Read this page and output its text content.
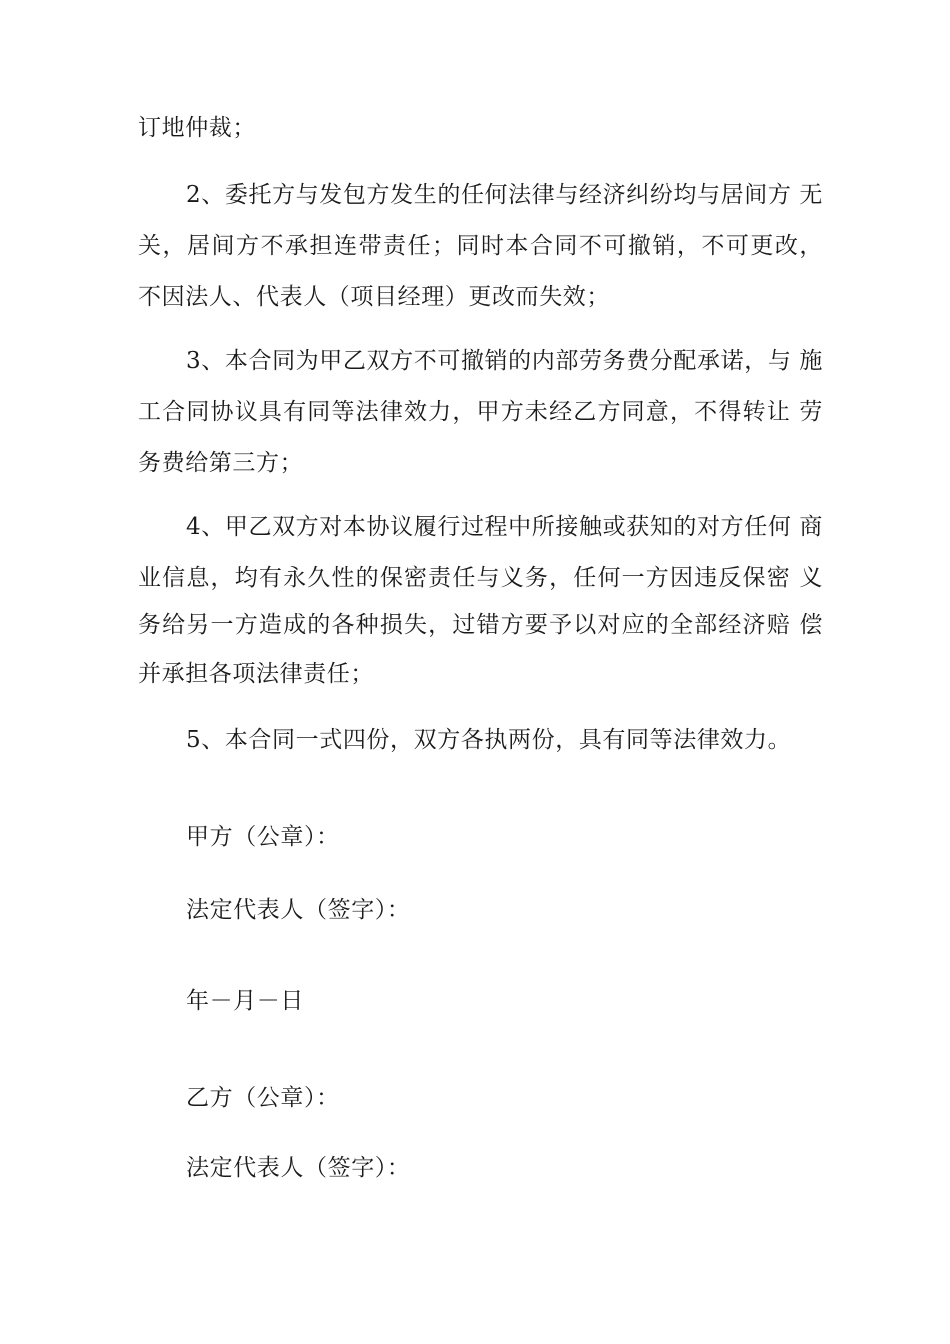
订地仲裁；
2、委托方与发包方发生的任何法律与经济纠纷均与居间方 无
关，居间方不承担连带责任；同时本合同不可撤销，不可更改，
不因法人、代表人（项目经理）更改而失效；
3、本合同为甲乙双方不可撤销的内部劳务费分配承诺，与 施
工合同协议具有同等法律效力，甲方未经乙方同意，不得转让 劳
务费给第三方；
4、甲乙双方对本协议履行过程中所接触或获知的对方任何 商
业信息，均有永久性的保密责任与义务，任何一方因违反保密 义
务给另一方造成的各种损失，过错方要予以对应的全部经济赔 偿
并承担各项法律责任；
5、本合同一式四份，双方各执两份，具有同等法律效力。
甲方（公章）：
法定代表人（签字）：
年－月－日
乙方（公章）：
法定代表人（签字）：
